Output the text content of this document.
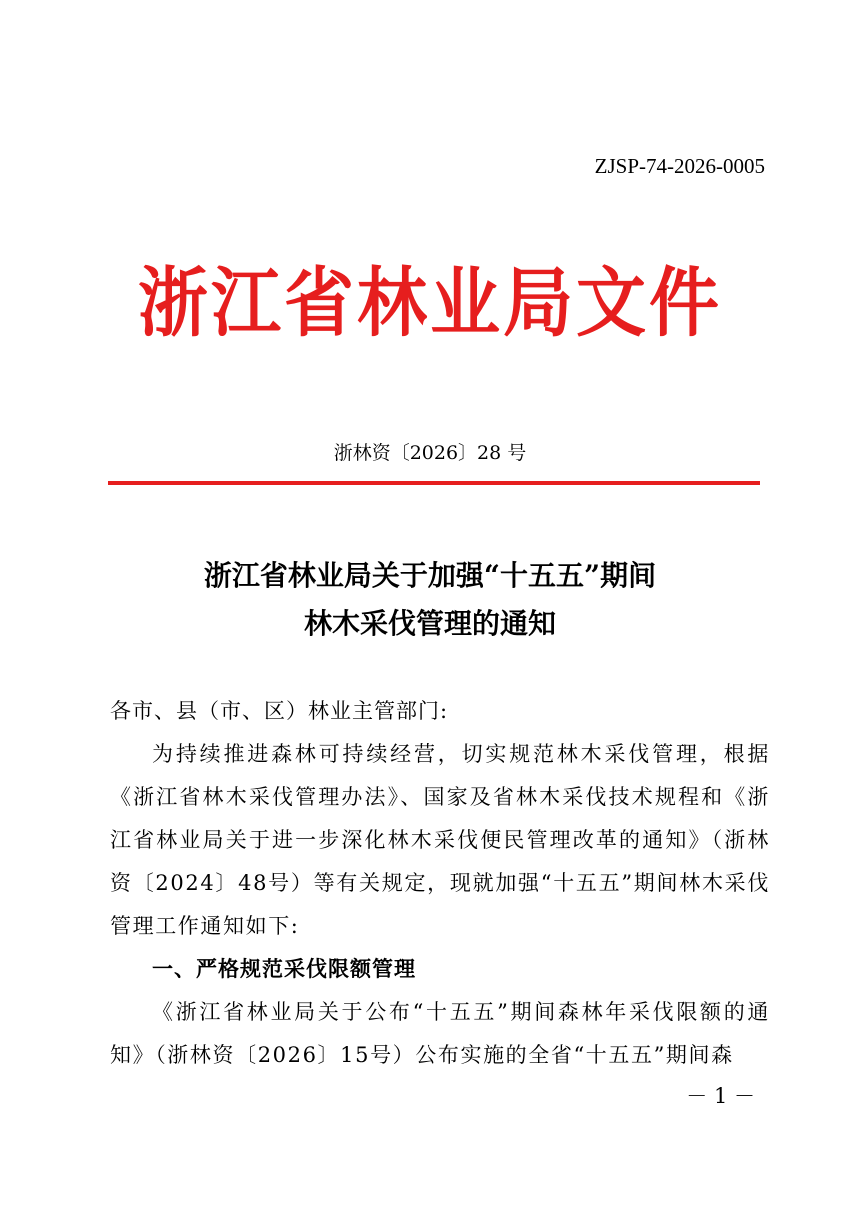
ZJSP-74-2026-0005
浙江省林业局文件
浙林资〔2026〕28 号
浙江省林业局关于加强“十五五”期间
林木采伐管理的通知
各市、县（市、区）林业主管部门:

为持续推进森林可持续经营，切实规范林木采伐管理，根据《浙江省林木采伐管理办法》、国家及省林木采伐技术规程和《浙江省林业局关于进一步深化林木采伐便民管理改革的通知》（浙林资〔2024〕48号）等有关规定，现就加强“十五五”期间林木采伐管理工作通知如下:

一、严格规范采伐限额管理

《浙江省林业局关于公布“十五五”期间森林年采伐限额的通知》（浙林资〔2026〕15号）公布实施的全省“十五五”期间森

－ 1 －
